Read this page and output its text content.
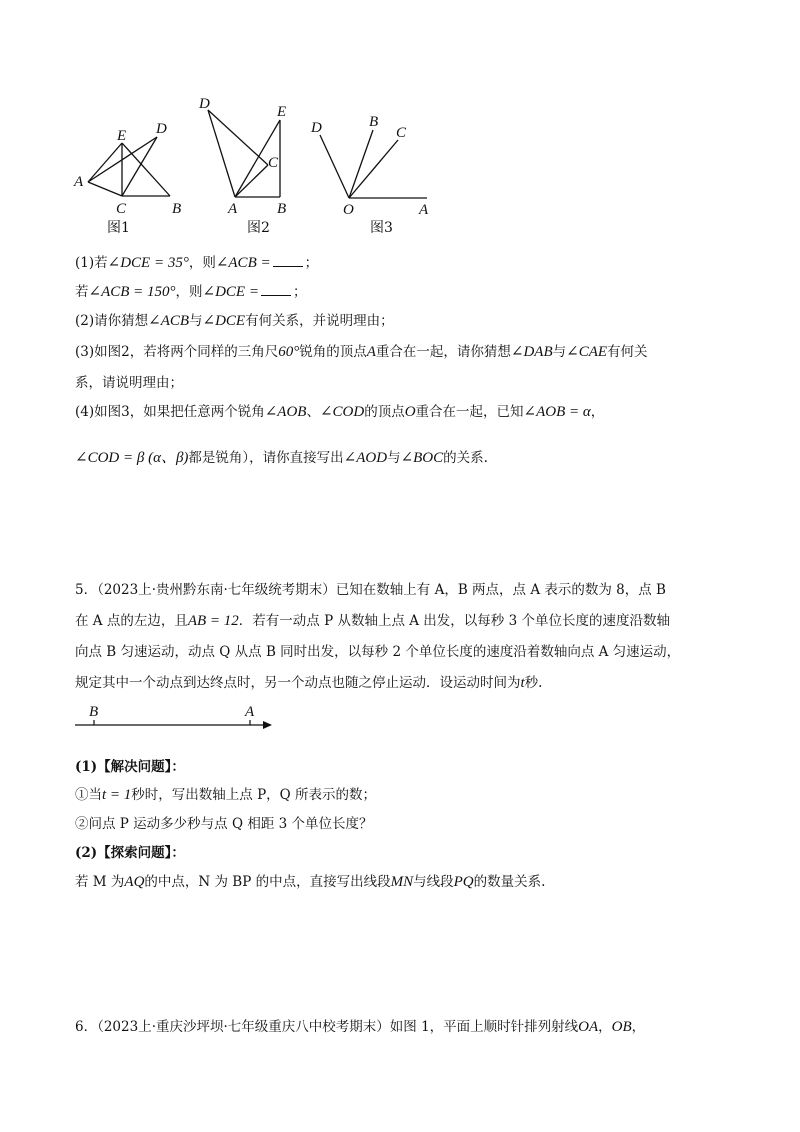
A
C	B
E D
D	E
C
A	B
D	B
C
O	A
图1	图2	图3
(1)若∠DCE = 35°，则∠ACB =	；
若∠ACB = 150°，则∠DCE =	；
(2)请你猜想∠ACB与∠DCE有何关系，并说明理由；
(3)如图2，若将两个同样的三角尺60°锐角的顶点A重合在一起，请你猜想∠DAB与∠CAE有何关
系，请说明理由；
(4)如图3，如果把任意两个锐角∠AOB、∠COD的顶点O重合在一起，已知∠AOB = α，
∠COD = β (α、β)都是锐角），请你直接写出∠AOD与∠BOC的关系.
5．（2023上·贵州黔东南·七年级统考期末）已知在数轴上有 A，B 两点，点 A 表示的数为 8，点 B
在 A 点的左边，且AB = 12．若有一动点 P 从数轴上点 A 出发，以每秒 3 个单位长度的速度沿数轴
向点 B 匀速运动，动点 Q 从点 B 同时出发，以每秒 2 个单位长度的速度沿着数轴向点 A 匀速运动，
规定其中一个动点到达终点时，另一个动点也随之停止运动．设运动时间为t秒.
B	A
(1)【解决问题】：
①当t = 1秒时，写出数轴上点 P，Q 所表示的数；
②问点 P 运动多少秒与点 Q 相距 3 个单位长度？
(2)【探索问题】：
若 M 为AQ的中点，N 为 BP 的中点，直接写出线段MN与线段PQ的数量关系.
6．（2023上·重庆沙坪坝·七年级重庆八中校考期末）如图 1，平面上顺时针排列射线OA，OB，
